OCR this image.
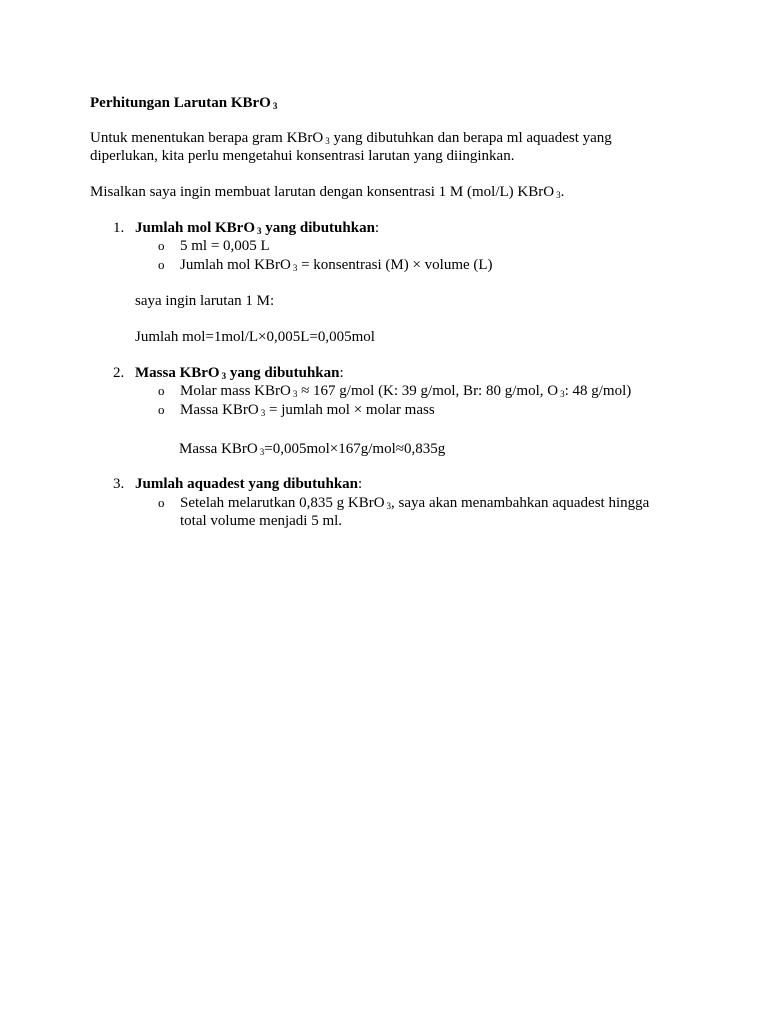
Perhitungan Larutan KBrO $_3$
Untuk menentukan berapa gram KBrO $_3$ yang dibutuhkan dan berapa ml aquadest yang
diperlukan, kita perlu mengetahui konsentrasi larutan yang diinginkan.
Misalkan saya ingin membuat larutan dengan konsentrasi 1 M (mol/L) KBrO $_3$.
1. Jumlah mol KBrO $_3$ yang dibutuhkan:
o 5 ml = 0,005 L
o Jumlah mol KBrO $_3$ = konsentrasi (M) × volume (L)
saya ingin larutan 1 M:
Jumlah mol=1mol/L×0,005L=0,005mol
2. Massa KBrO $_3$ yang dibutuhkan:
o Molar mass KBrO $_3$ ≈ 167 g/mol (K: 39 g/mol, Br: 80 g/mol, O $_3$: 48 g/mol)
o Massa KBrO $_3$ = jumlah mol × molar mass
Massa KBrO $_3$=0,005mol×167g/mol≈0,835g
3. Jumlah aquadest yang dibutuhkan:
o Setelah melarutkan 0,835 g KBrO $_3$, saya akan menambahkan aquadest hingga
total volume menjadi 5 ml.
